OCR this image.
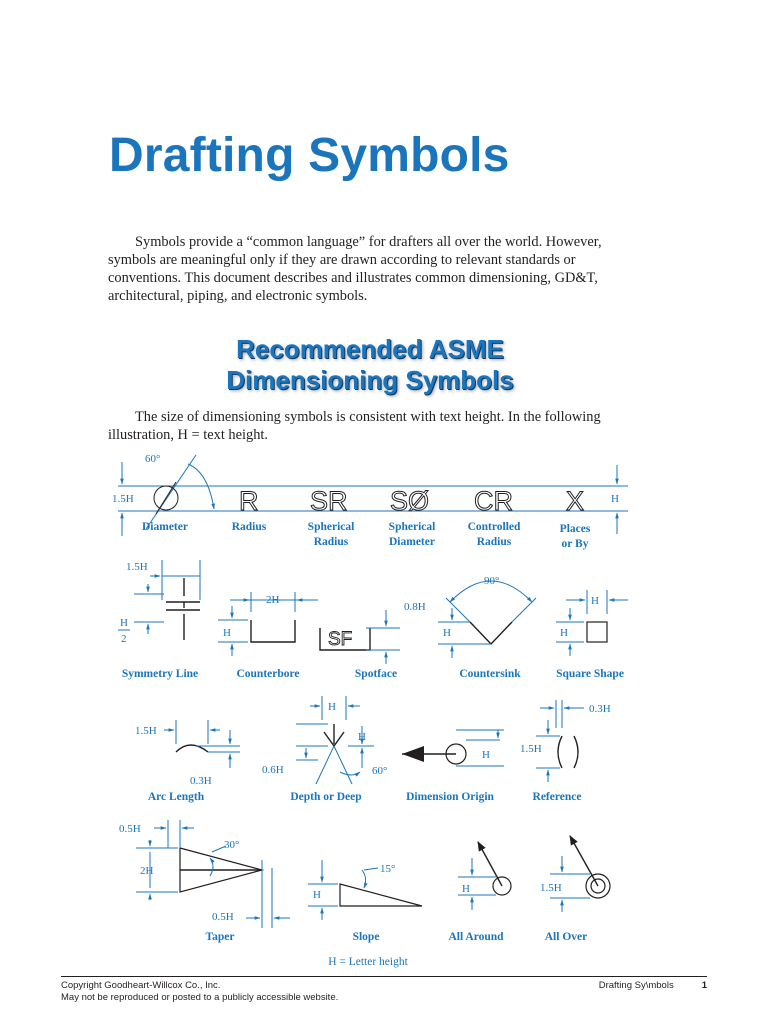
Drafting Symbols

Symbols provide a “common language” for drafters all over the world. However, symbols are meaningful only if they are drawn according to relevant standards or conventions. This document describes and illustrates common dimensioning, GD&T, architectural, piping, and electronic symbols.

Recommended ASME
Dimensioning Symbols

The size of dimensioning symbols is consistent with text height. In the following illustration, H = text height.

1.5H	H
60°
R SR SØ CR X
Diameter	Radius	Spherical
Radius
Spherical
Diameter
Controlled
Radius
Places
or By
1.5H
H
2
Symmetry Line
2H
H
Counterbore
SF
0.8H
Spotface
90°
H
Countersink
H
H
Square Shape
1.5H
0.3H
Arc Length
H
H
0.6H	60°
Depth or Deep
H
Dimension Origin
0.3H
1.5H
Reference
0.5H
2H
30°
0.5H
Taper
H
15°
Slope
H
All Around
1.5H
All Over
H = Letter height
Copyright Goodheart-Willcox Co., Inc.
May not be reproduced or posted to a publicly accessible website.
Drafting Sy\mbols	1
